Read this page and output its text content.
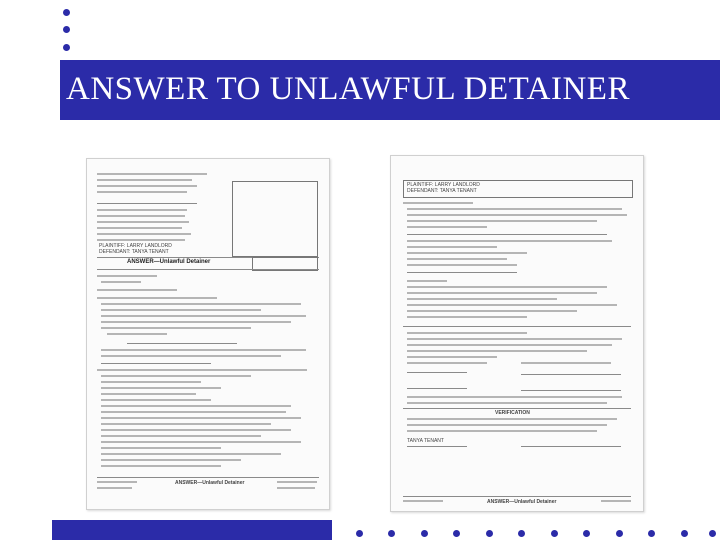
ANSWER TO UNLAWFUL DETAINER
PLAINTIFF: LARRY LANDLORD
DEFENDANT: TANYA TENANT
ANSWER—Unlawful Detainer
ANSWER—Unlawful Detainer
PLAINTIFF: LARRY LANDLORD
DEFENDANT: TANYA TENANT
VERIFICATION
TANYA TENANT
ANSWER—Unlawful Detainer
